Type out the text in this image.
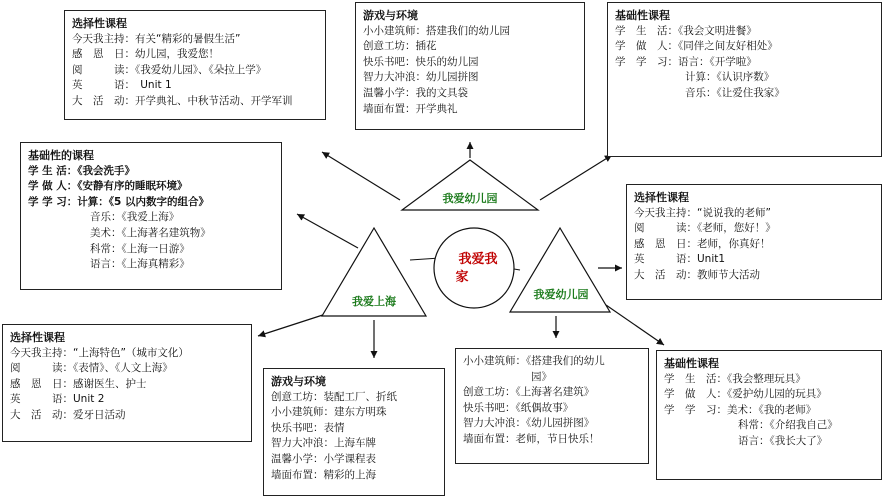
我爱幼儿园
我爱上海
我爱幼儿园
我爱我
家
选择性课程
今天我主持：有关“精彩的暑假生活”
感　恩　日：幼儿园，我爱您！
阅　　　读：《我爱幼儿园》、《朵拉上学》
英　　　语：　Unit 1
大　活　动：开学典礼、中秋节活动、开学军训
游戏与环境
小小建筑师：搭建我们的幼儿园
创意工坊：插花
快乐书吧：快乐的幼儿园
智力大冲浪：幼儿园拼图
温馨小学：我的文具袋
墙面布置：开学典礼
基础性课程
学　生　活：《我会文明进餐》
学　做　人：《同伴之间友好相处》
学　学　习：语言：《开学啦》
计算：《认识序数》
音乐：《让爱住我家》
基础性的课程
学 生 活：《我会洗手》
学 做 人：《安静有序的睡眠环境》
学 学 习：计算：《5 以内数字的组合》
音乐：《我爱上海》
美术：《上海著名建筑物》
科常：《上海一日游》
语言：《上海真精彩》
选择性课程
今天我主持：“说说我的老师”
阅　　　读：《老师，您好！》
感　恩　日：老师，你真好！
英　　　语：Unit1
大　活　动：教师节大活动
选择性课程
今天我主持：“上海特色”（城市文化）
阅　　　读：《表情》、《人文上海》
感　恩　日：感谢医生、护士
英　　　语：Unit 2
大　活　动：爱牙日活动
游戏与环境
创意工坊：装配工厂、折纸
小小建筑师：建东方明珠
快乐书吧：表情
智力大冲浪：上海车牌
温馨小学：小学课程表
墙面布置：精彩的上海
小小建筑师：《搭建我们的幼儿
园》
创意工坊：《上海著名建筑》
快乐书吧：《纸偶故事》
智力大冲浪：《幼儿园拼图》
墙面布置：老师，节日快乐！
基础性课程
学　生　活：《我会整理玩具》
学　做　人：《爱护幼儿园的玩具》
学　学　习：美术：《我的老师》
科常：《介绍我自己》
语言：《我长大了》
